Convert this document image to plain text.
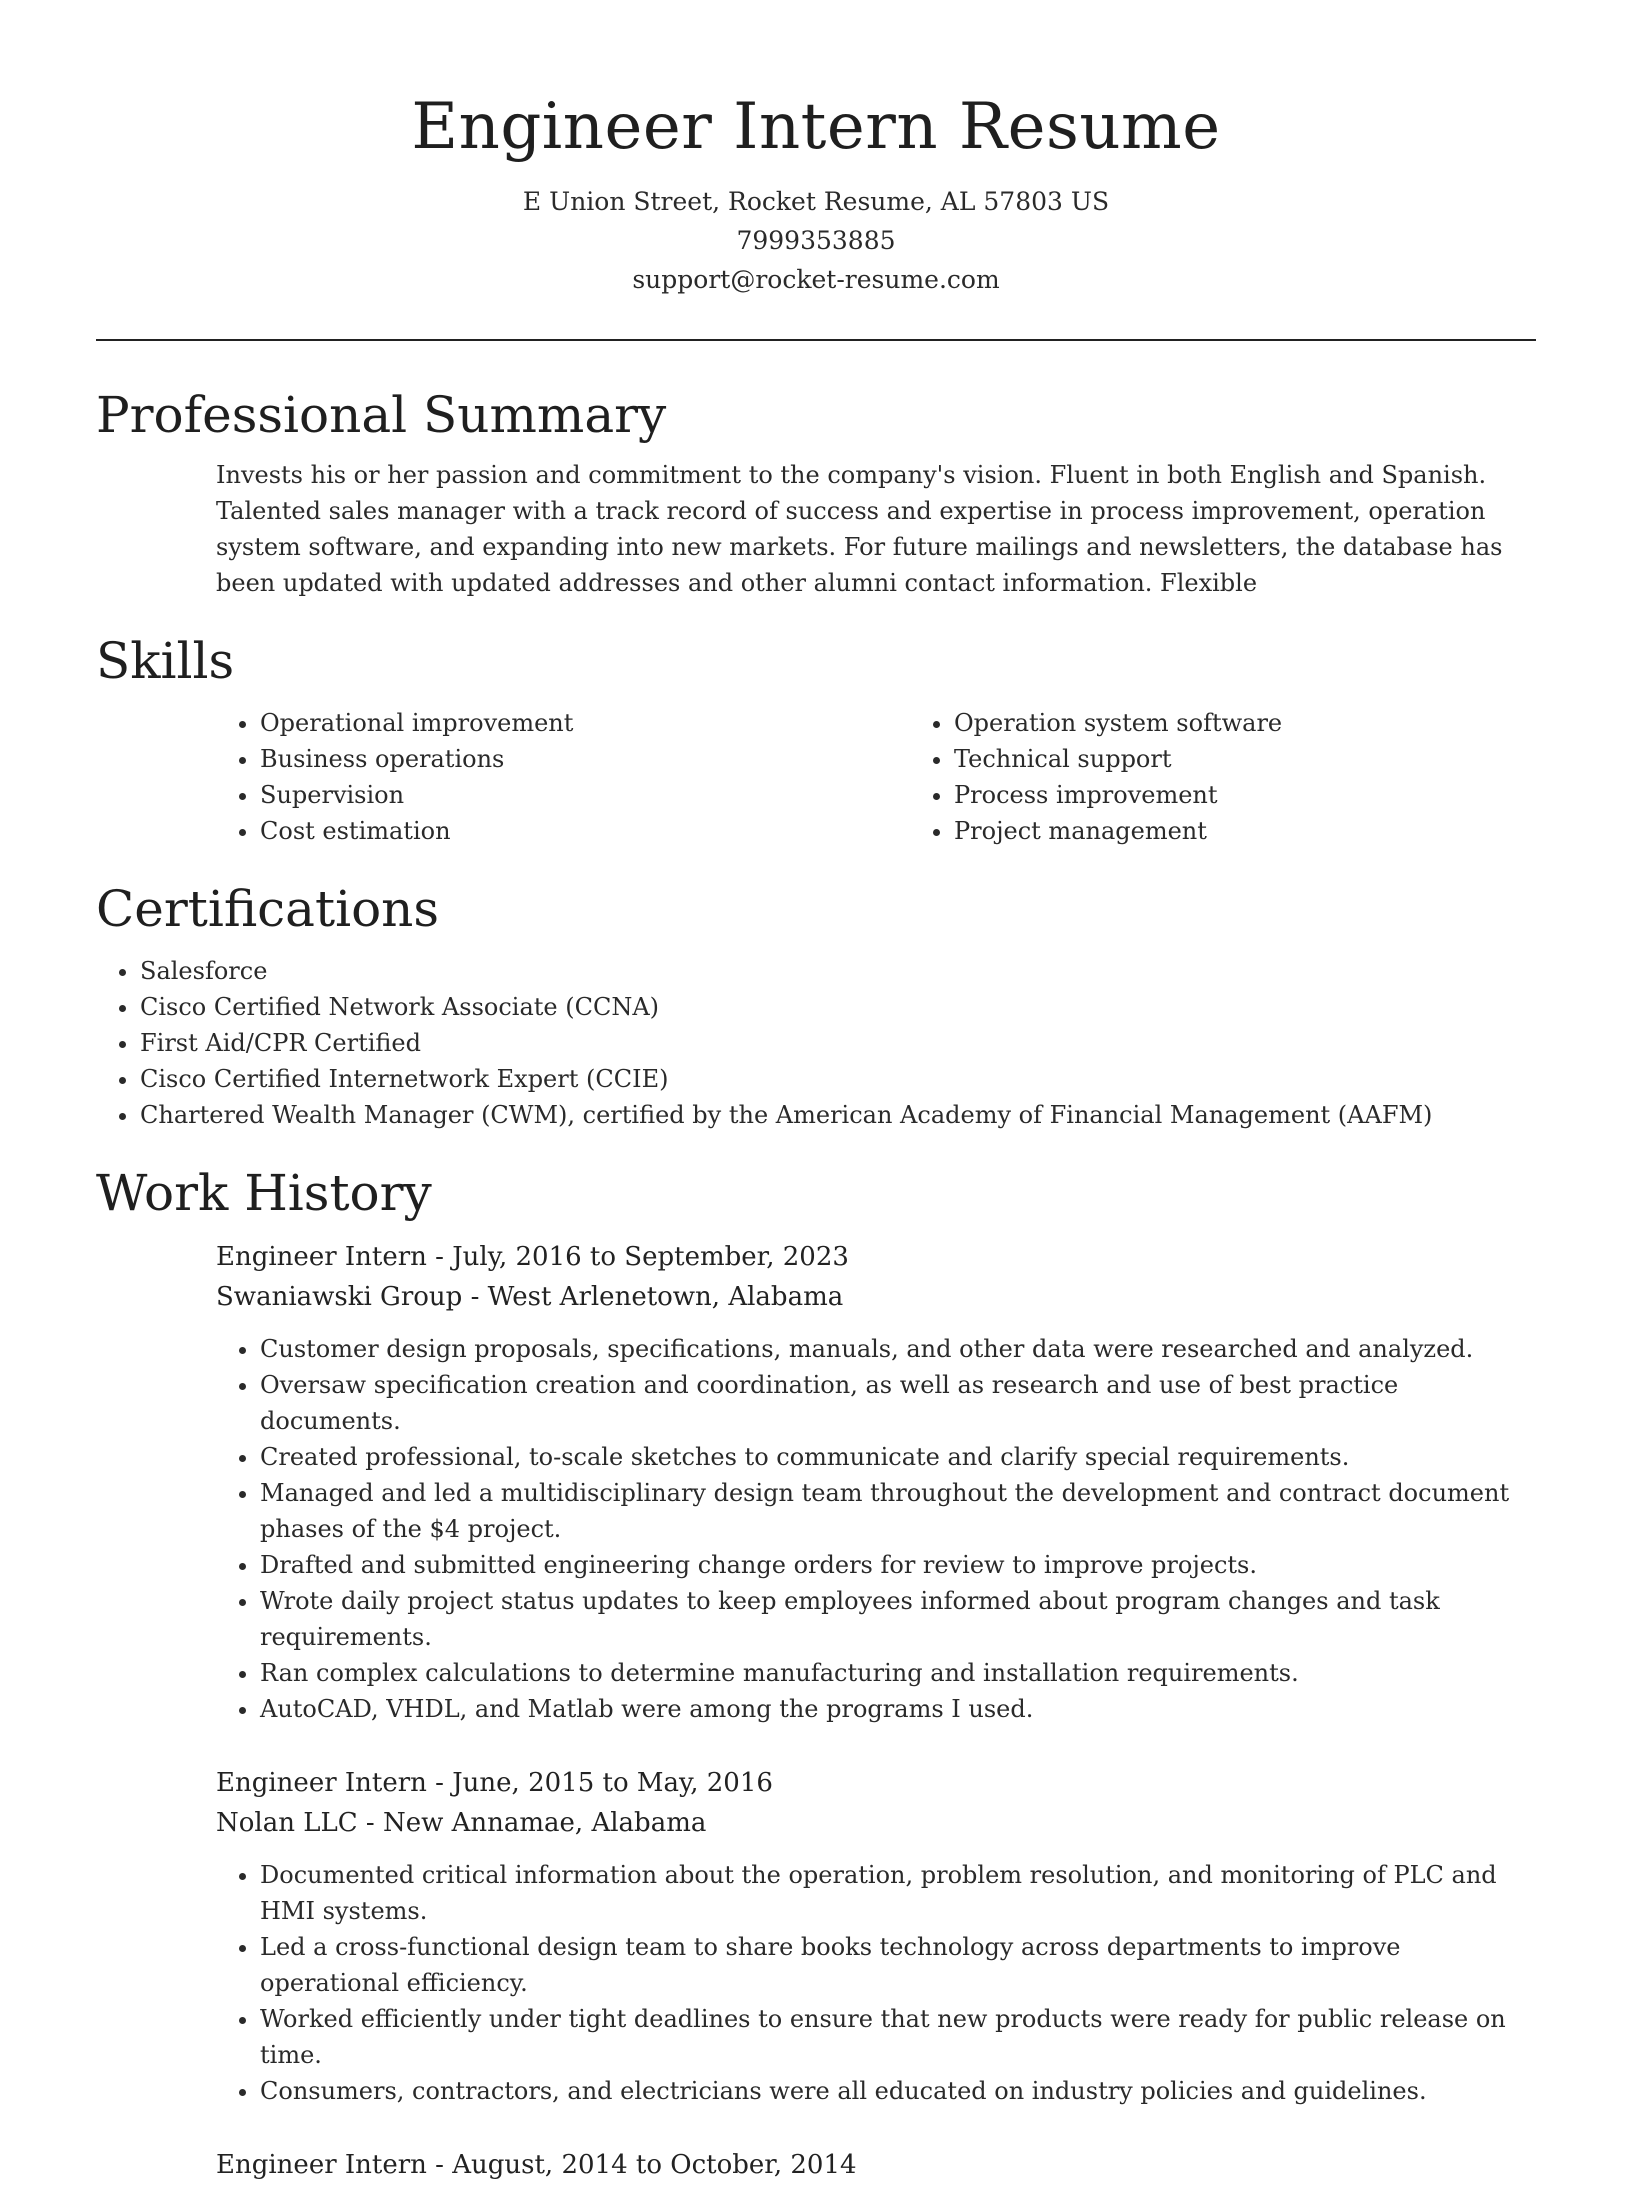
Engineer Intern Resume
E Union Street, Rocket Resume, AL 57803 US
7999353885
support@rocket-resume.com
Professional Summary
Invests his or her passion and commitment to the company's vision. Fluent in both English and Spanish. Talented sales manager with a track record of success and expertise in process improvement, operation system software, and expanding into new markets. For future mailings and newsletters, the database has been updated with updated addresses and other alumni contact information. Flexible
Skills
• Operational improvement
• Business operations
• Supervision
• Cost estimation
• Operation system software
• Technical support
• Process improvement
• Project management
Certifications
• Salesforce
• Cisco Certified Network Associate (CCNA)
• First Aid/CPR Certified
• Cisco Certified Internetwork Expert (CCIE)
• Chartered Wealth Manager (CWM), certified by the American Academy of Financial Management (AAFM)
Work History
Engineer Intern - July, 2016 to September, 2023
Swaniawski Group - West Arlenetown, Alabama
• Customer design proposals, specifications, manuals, and other data were researched and analyzed.
• Oversaw specification creation and coordination, as well as research and use of best practice documents.
• Created professional, to-scale sketches to communicate and clarify special requirements.
• Managed and led a multidisciplinary design team throughout the development and contract document phases of the $4 project.
• Drafted and submitted engineering change orders for review to improve projects.
• Wrote daily project status updates to keep employees informed about program changes and task requirements.
• Ran complex calculations to determine manufacturing and installation requirements.
• AutoCAD, VHDL, and Matlab were among the programs I used.
Engineer Intern - June, 2015 to May, 2016
Nolan LLC - New Annamae, Alabama
• Documented critical information about the operation, problem resolution, and monitoring of PLC and HMI systems.
• Led a cross-functional design team to share books technology across departments to improve operational efficiency.
• Worked efficiently under tight deadlines to ensure that new products were ready for public release on time.
• Consumers, contractors, and electricians were all educated on industry policies and guidelines.
Engineer Intern - August, 2014 to October, 2014
